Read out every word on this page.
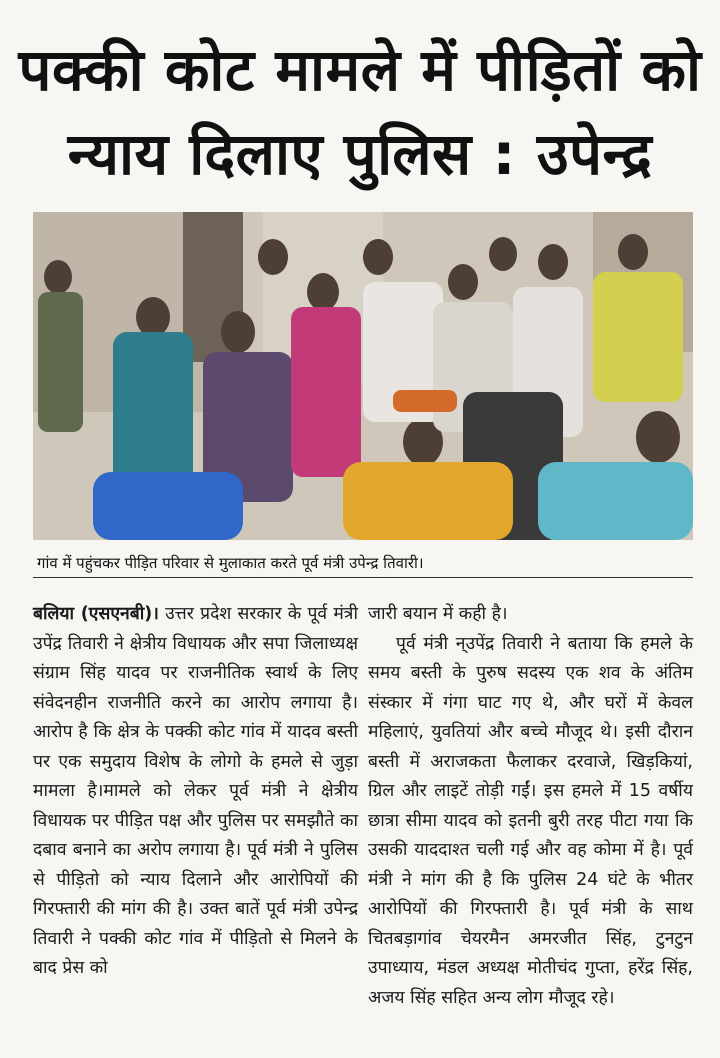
पक्की कोट मामले में पीड़ितों को
न्याय दिलाए पुलिस : उपेन्द्र
गांव में पहुंचकर पीड़ित परिवार से मुलाकात करते पूर्व मंत्री उपेन्द्र तिवारी।

बलिया (एसएनबी)। उत्तर प्रदेश सरकार के पूर्व मंत्री उपेंद्र तिवारी ने क्षेत्रीय विधायक और सपा जिलाध्यक्ष संग्राम सिंह यादव पर राजनीतिक स्वार्थ के लिए संवेदनहीन राजनीति करने का आरोप लगाया है। आरोप है कि क्षेत्र के पक्की कोट गांव में यादव बस्ती पर एक समुदाय विशेष के लोगो के हमले से जुड़ा मामला है।मामले को लेकर पूर्व मंत्री ने क्षेत्रीय विधायक पर पीड़ित पक्ष और पुलिस पर समझौते का दबाव बनाने का अरोप लगाया है। पूर्व मंत्री ने पुलिस से पीड़ितो को न्याय दिलाने और आरोपियों की गिरफ्तारी की मांग की है। उक्त बातें पूर्व मंत्री उपेन्द्र तिवारी ने पक्की कोट गांव में पीड़ितो से मिलने के बाद प्रेस को

जारी बयान में कही है।

पूर्व मंत्री न्उपेंद्र तिवारी ने बताया कि हमले के समय बस्ती के पुरुष सदस्य एक शव के अंतिम संस्कार में गंगा घाट गए थे, और घरों में केवल महिलाएं, युवतियां और बच्चे मौजूद थे। इसी दौरान बस्ती में अराजकता फैलाकर दरवाजे, खिड़कियां, ग्रिल और लाइटें तोड़ी गईं। इस हमले में 15 वर्षीय छात्रा सीमा यादव को इतनी बुरी तरह पीटा गया कि उसकी याददाश्त चली गई और वह कोमा में है। पूर्व मंत्री ने मांग की है कि पुलिस 24 घंटे के भीतर आरोपियों की गिरफ्तारी है। पूर्व मंत्री के साथ चितबड़ागांव चेयरमैन अमरजीत सिंह, टुनटुन उपाध्याय, मंडल अध्यक्ष मोतीचंद गुप्ता, हरेंद्र सिंह, अजय सिंह सहित अन्य लोग मौजूद रहे।
